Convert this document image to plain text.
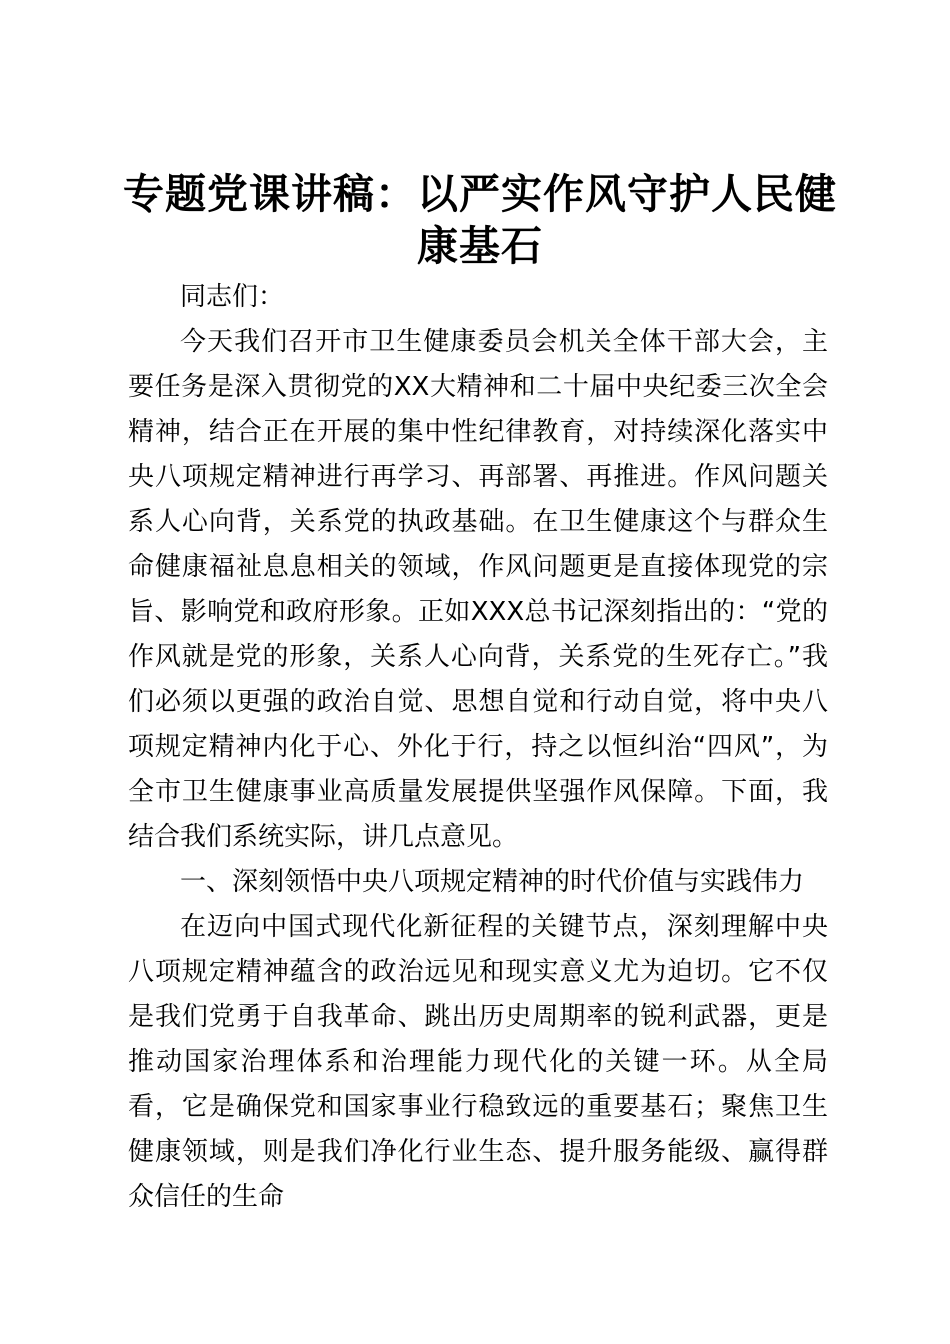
专题党课讲稿：以严实作风守护人民健康基石

同志们：

今天我们召开市卫生健康委员会机关全体干部大会，主要任务是深入贯彻党的XX大精神和二十届中央纪委三次全会精神，结合正在开展的集中性纪律教育，对持续深化落实中央八项规定精神进行再学习、再部署、再推进。作风问题关系人心向背，关系党的执政基础。在卫生健康这个与群众生命健康福祉息息相关的领域，作风问题更是直接体现党的宗旨、影响党和政府形象。正如XXX总书记深刻指出的：“党的作风就是党的形象，关系人心向背，关系党的生死存亡。”我们必须以更强的政治自觉、思想自觉和行动自觉，将中央八项规定精神内化于心、外化于行，持之以恒纠治“四风”，为全市卫生健康事业高质量发展提供坚强作风保障。下面，我结合我们系统实际，讲几点意见。

一、深刻领悟中央八项规定精神的时代价值与实践伟力

在迈向中国式现代化新征程的关键节点，深刻理解中央八项规定精神蕴含的政治远见和现实意义尤为迫切。它不仅是我们党勇于自我革命、跳出历史周期率的锐利武器，更是推动国家治理体系和治理能力现代化的关键一环。从全局看，它是确保党和国家事业行稳致远的重要基石；聚焦卫生健康领域，则是我们净化行业生态、提升服务能级、赢得群众信任的生命
